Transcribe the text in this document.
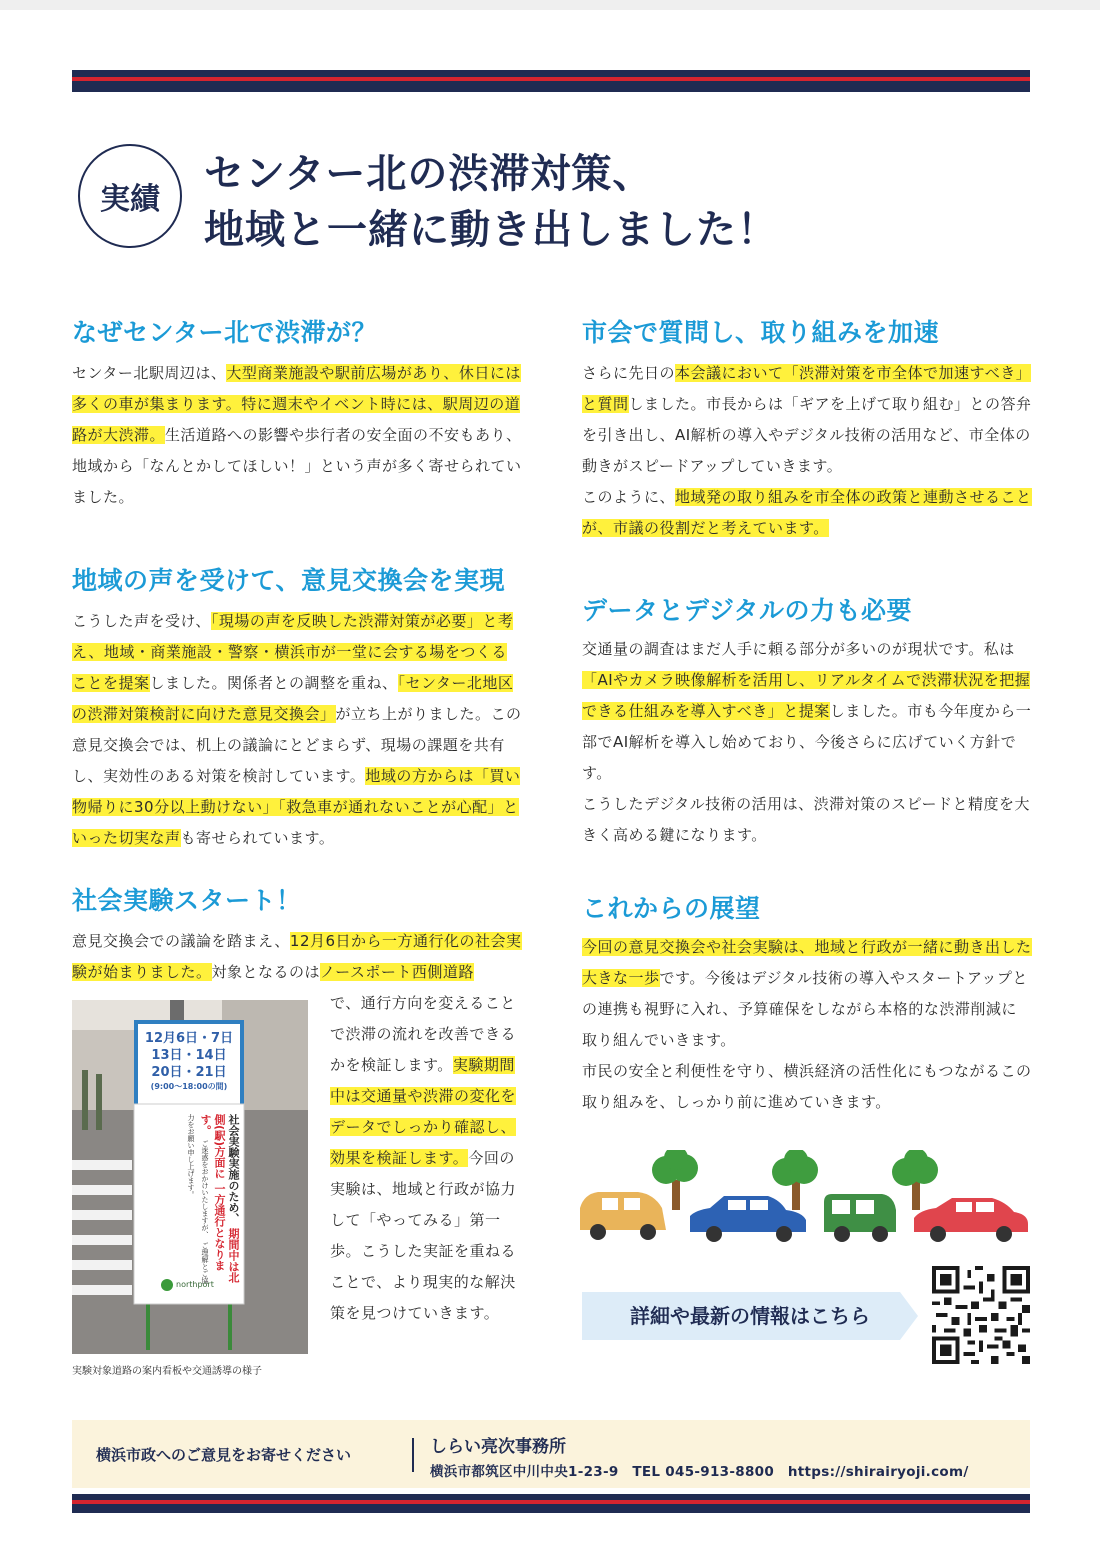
実績
センター北の渋滞対策、
地域と一緒に動き出しました！
なぜセンター北で渋滞が？

センター北駅周辺は、大型商業施設や駅前広場があり、休日には多くの車が集まります。特に週末やイベント時には、駅周辺の道路が大渋滞。生活道路への影響や歩行者の安全面の不安もあり、地域から「なんとかしてほしい！」という声が多く寄せられていました。

地域の声を受けて、意見交換会を実現

こうした声を受け、「現場の声を反映した渋滞対策が必要」と考え、地域・商業施設・警察・横浜市が一堂に会する場をつくることを提案しました。関係者との調整を重ね、「センター北地区の渋滞対策検討に向けた意見交換会」が立ち上がりました。この意見交換会では、机上の議論にとどまらず、現場の課題を共有し、実効性のある対策を検討しています。地域の方からは「買い物帰りに30分以上動けない」「救急車が通れないことが心配」といった切実な声も寄せられています。

社会実験スタート！

意見交換会での議論を踏まえ、12月6日から一方通行化の社会実験が始まりました。対象となるのはノースポート西側道路

で、通行方向を変えることで渋滞の流れを改善できるかを検証します。実験期間中は交通量や渋滞の変化をデータでしっかり確認し、効果を検証します。今回の実験は、地域と行政が協力して「やってみる」第一歩。こうした実証を重ねることで、より現実的な解決策を見つけていきます。

12月6日・7日
13日・14日
20日・21日
(9:00〜18:00の間)
社会実験実施のため、 期間中は北側(駅)方面に 一方通行となります。 ご迷惑をおかけいたしますが、 ご理解とご協力をお願い申し上げます。
northport
実験対象道路の案内看板や交通誘導の様子
市会で質問し、取り組みを加速

さらに先日の本会議において「渋滞対策を市全体で加速すべき」と質問しました。市長からは「ギアを上げて取り組む」との答弁を引き出し、AI解析の導入やデジタル技術の活用など、市全体の動きがスピードアップしていきます。

このように、地域発の取り組みを市全体の政策と連動させることが、市議の役割だと考えています。

データとデジタルの力も必要

交通量の調査はまだ人手に頼る部分が多いのが現状です。私は「AIやカメラ映像解析を活用し、リアルタイムで渋滞状況を把握できる仕組みを導入すべき」と提案しました。市も今年度から一部でAI解析を導入し始めており、今後さらに広げていく方針です。

こうしたデジタル技術の活用は、渋滞対策のスピードと精度を大きく高める鍵になります。

これからの展望

今回の意見交換会や社会実験は、地域と行政が一緒に動き出した大きな一歩です。今後はデジタル技術の導入やスタートアップとの連携も視野に入れ、予算確保をしながら本格的な渋滞削減に取り組んでいきます。

市民の安全と利便性を守り、横浜経済の活性化にもつながるこの取り組みを、しっかり前に進めていきます。

詳細や最新の情報はこちら
横浜市政へのご意見をお寄せください	しらい亮次事務所
横浜市都筑区中川中央1-23-9　TEL 045-913-8800　https://shirairyoji.com/
